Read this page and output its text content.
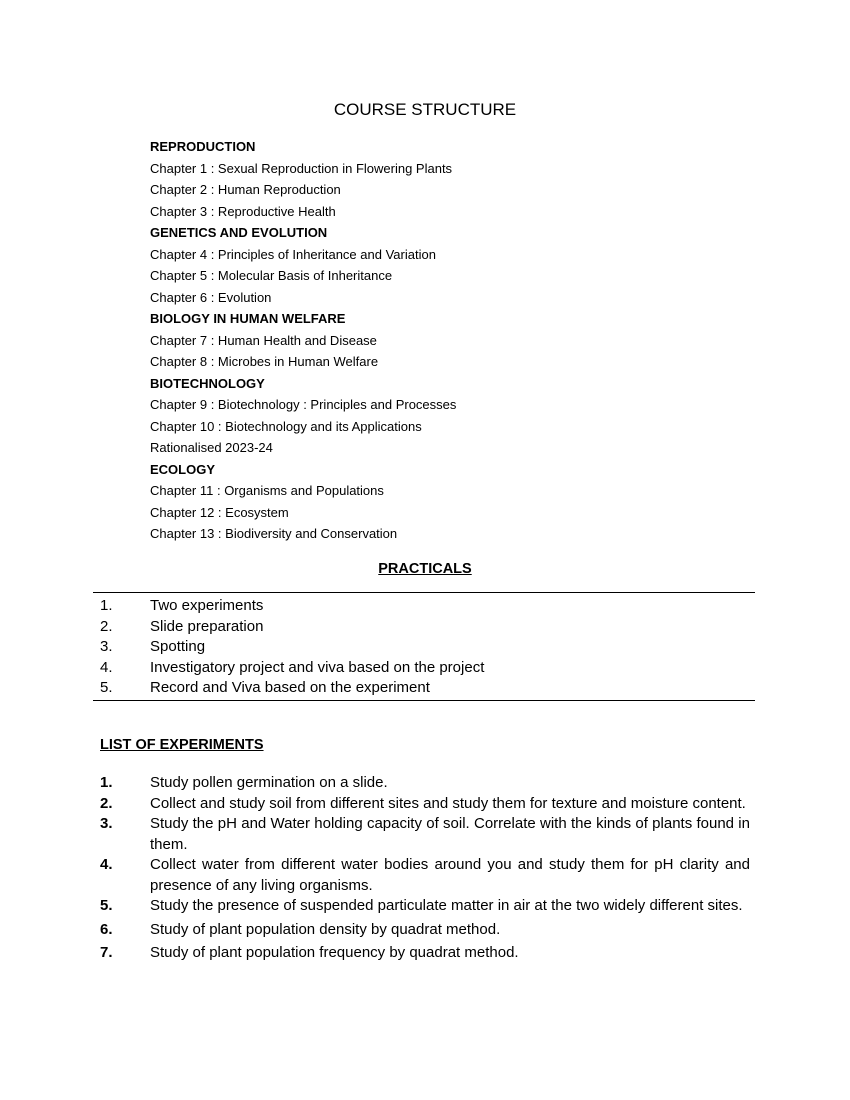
COURSE STRUCTURE
REPRODUCTION
Chapter 1 : Sexual Reproduction in Flowering Plants
Chapter 2 : Human Reproduction
Chapter 3 : Reproductive Health
GENETICS AND EVOLUTION
Chapter 4 : Principles of Inheritance and Variation
Chapter 5 : Molecular Basis of Inheritance
Chapter 6 : Evolution
BIOLOGY IN HUMAN WELFARE
Chapter 7 : Human Health and Disease
Chapter 8 : Microbes in Human Welfare
BIOTECHNOLOGY
Chapter 9 : Biotechnology : Principles and Processes
Chapter 10 : Biotechnology and its Applications
Rationalised 2023-24
ECOLOGY
Chapter 11 : Organisms and Populations
Chapter 12 : Ecosystem
Chapter 13 : Biodiversity and Conservation
PRACTICALS
1. Two experiments
2. Slide preparation
3. Spotting
4. Investigatory project and viva based on the project
5. Record and Viva based on the experiment
LIST OF EXPERIMENTS
1. Study pollen germination on a slide.
2. Collect and study soil from different sites and study them for texture and moisture content.
3. Study the pH and Water holding capacity of soil. Correlate with the kinds of plants found in them.
4. Collect water from different water bodies around you and study them for pH clarity and presence of any living organisms.
5. Study the presence of suspended particulate matter in air at the two widely different sites.
6. Study of plant population density by quadrat method.
7. Study of plant population frequency by quadrat method.
